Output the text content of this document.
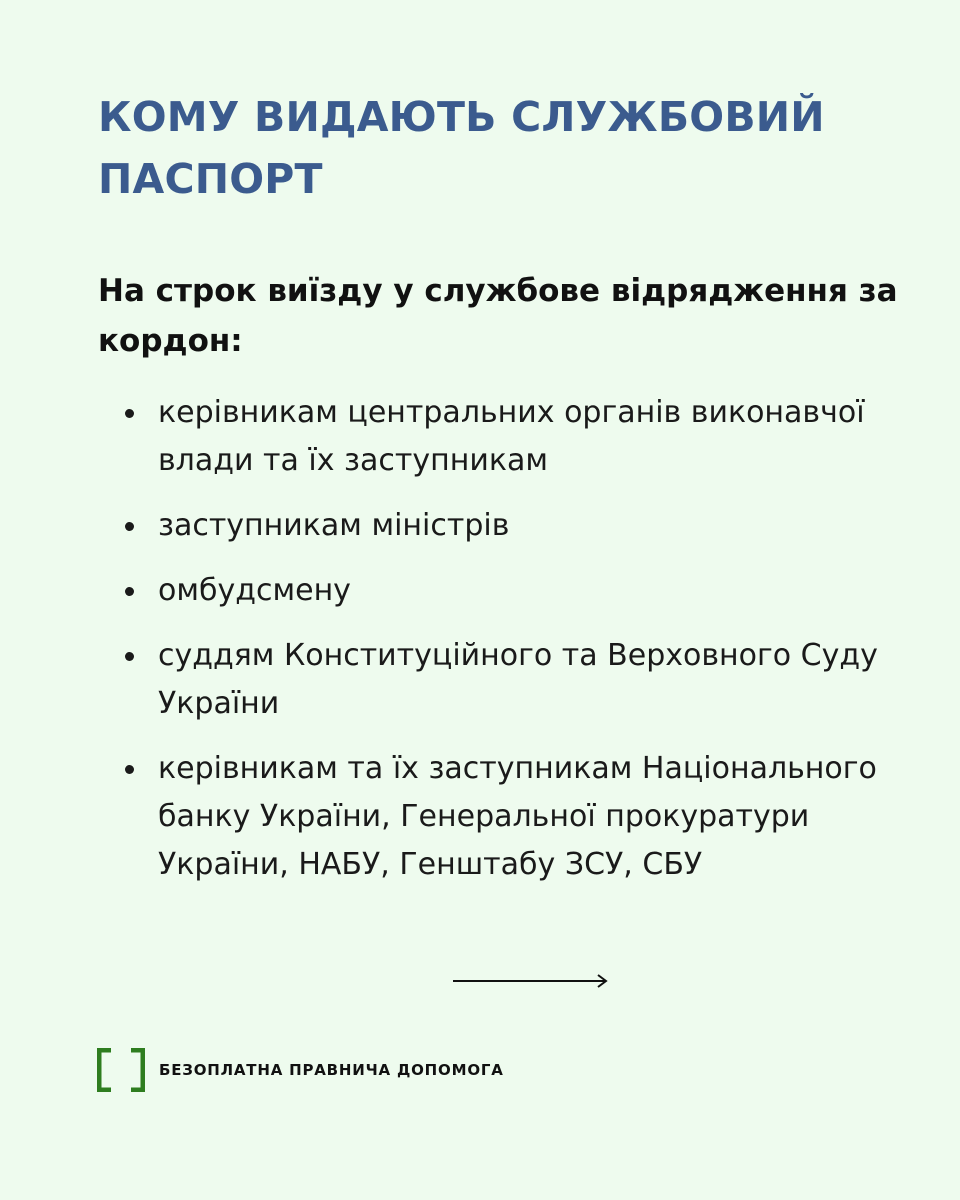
КОМУ ВИДАЮТЬ СЛУЖБОВИЙ ПАСПОРТ

На строк виїзду у службове відрядження за кордон:

керівникам центральних органів виконавчої влади та їх заступникам
заступникам міністрів
омбудсмену
суддям Конституційного та Верховного Суду України
керівникам та їх заступникам Національного банку України, Генеральної прокуратури України, НАБУ, Генштабу ЗСУ, СБУ
БЕЗОПЛАТНА ПРАВНИЧА ДОПОМОГА
